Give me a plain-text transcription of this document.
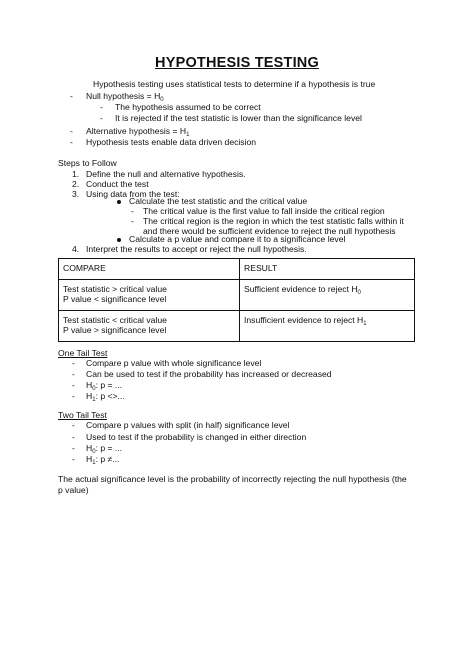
HYPOTHESIS TESTING
Hypothesis testing uses statistical tests to determine if a hypothesis is true
- Null hypothesis = $H_0$
- The hypothesis assumed to be correct
- It is rejected if the test statistic is lower than the significance level
- Alternative hypothesis = $H_1$
- Hypothesis tests enable data driven decision
Steps to Follow
1. Define the null and alternative hypothesis.
2. Conduct the test
3. Using data from the test:
Calculate the test statistic and the critical value
- The critical value is the first value to fall inside the critical region
- The critical region is the region in which the test statistic falls within it
and there would be sufficient evidence to reject the null hypothesis
Calculate a p value and compare it to a significance level
4. Interpret the results to accept or reject the null hypothesis.
COMPARE	RESULT

Test statistic > critical value
P value < significance level	Sufficient evidence to reject $H_0$

Test statistic < critical value
P value > significance level	Insufficient evidence to reject $H_1$
One Tail Test
- Compare p value with whole significance level
- Can be used to test if the probability has increased or decreased
- $H_0$: p = ...
- $H_1$: p <>...
Two Tail Test
- Compare p values with split (in half) significance level
- Used to test if the probability is changed in either direction
- $H_0$: p = ...
- $H_1$: p ≠...
The actual significance level is the probability of incorrectly rejecting the null hypothesis (the
p value)
